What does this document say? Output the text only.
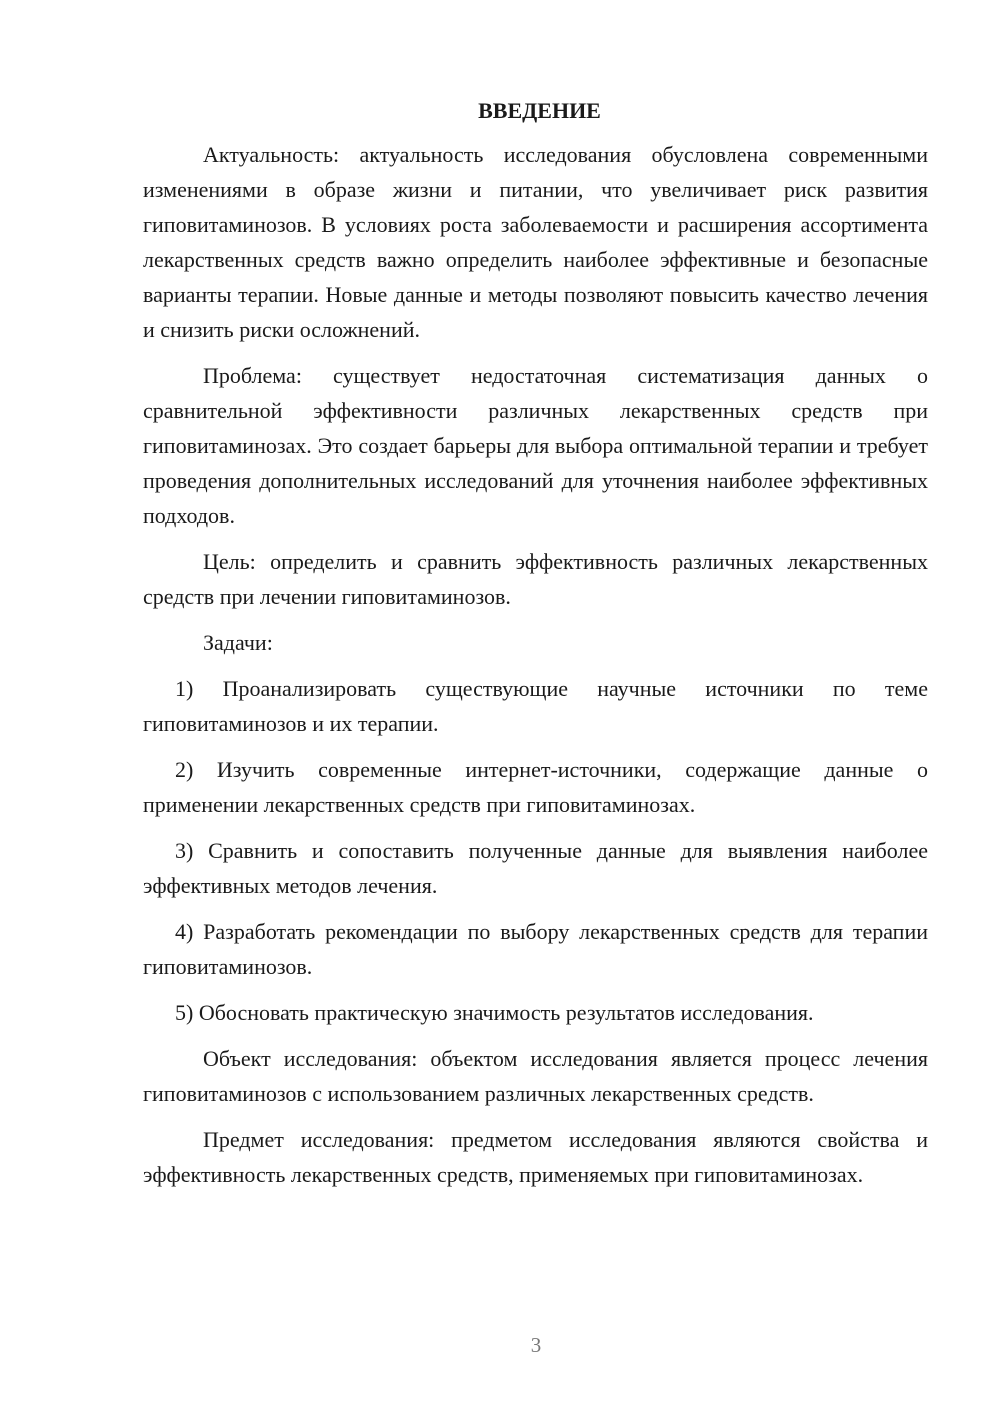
ВВЕДЕНИЕ

Актуальность: актуальность исследования обусловлена современными изменениями в образе жизни и питании, что увеличивает риск развития гиповитаминозов. В условиях роста заболеваемости и расширения ассортимента лекарственных средств важно определить наиболее эффективные и безопасные варианты терапии. Новые данные и методы позволяют повысить качество лечения и снизить риски осложнений.

Проблема: существует недостаточная систематизация данных о сравнительной эффективности различных лекарственных средств при гиповитаминозах. Это создает барьеры для выбора оптимальной терапии и требует проведения дополнительных исследований для уточнения наиболее эффективных подходов.

Цель: определить и сравнить эффективность различных лекарственных средств при лечении гиповитаминозов.

Задачи:

1) Проанализировать существующие научные источники по теме гиповитаминозов и их терапии.

2) Изучить современные интернет-источники, содержащие данные о применении лекарственных средств при гиповитаминозах.

3) Сравнить и сопоставить полученные данные для выявления наиболее эффективных методов лечения.

4) Разработать рекомендации по выбору лекарственных средств для терапии гиповитаминозов.

5) Обосновать практическую значимость результатов исследования.

Объект исследования: объектом исследования является процесс лечения гиповитаминозов с использованием различных лекарственных средств.

Предмет исследования: предметом исследования являются свойства и эффективность лекарственных средств, применяемых при гиповитаминозах.

3
